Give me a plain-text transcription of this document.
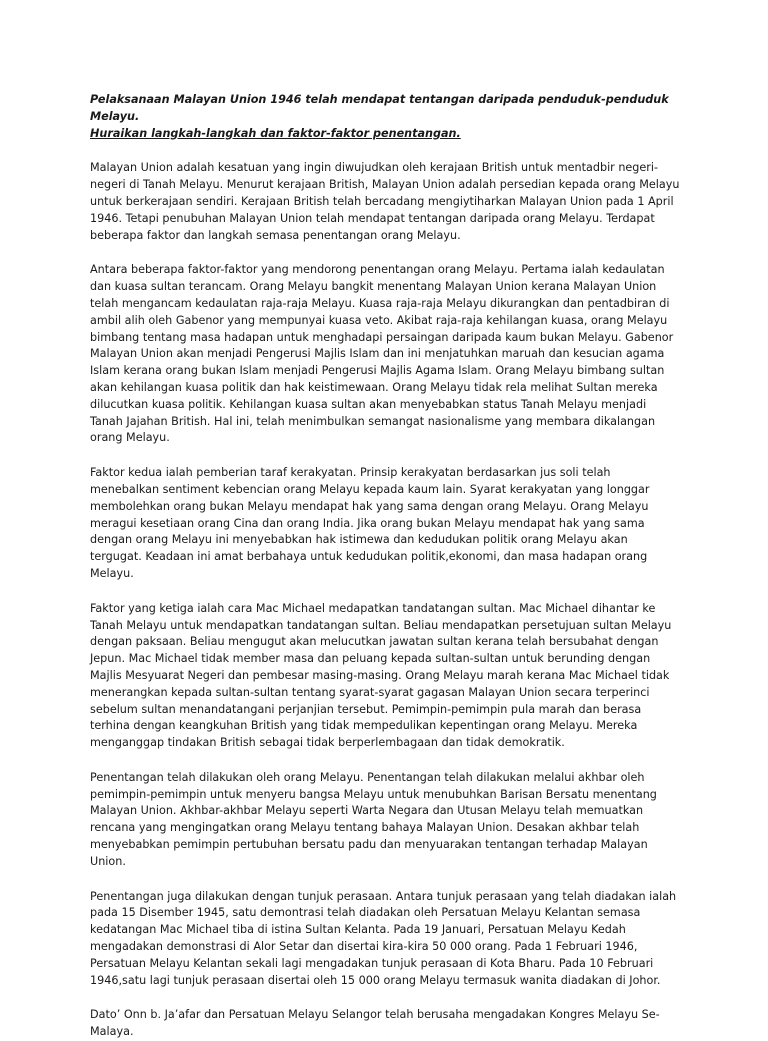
Pelaksanaan Malayan Union 1946 telah mendapat tentangan daripada penduduk-penduduk Melayu.
Huraikan langkah-langkah dan faktor-faktor penentangan.

Malayan Union adalah kesatuan yang ingin diwujudkan oleh kerajaan British untuk mentadbir negeri-negeri di Tanah Melayu. Menurut kerajaan British, Malayan Union adalah persedian kepada orang Melayu untuk berkerajaan sendiri. Kerajaan British telah bercadang mengiytiharkan Malayan Union pada 1 April 1946. Tetapi penubuhan Malayan Union telah mendapat tentangan daripada orang Melayu. Terdapat beberapa faktor dan langkah semasa penentangan orang Melayu.

Antara beberapa faktor-faktor yang mendorong penentangan orang Melayu. Pertama ialah kedaulatan dan kuasa sultan terancam. Orang Melayu bangkit menentang Malayan Union kerana Malayan Union telah mengancam kedaulatan raja-raja Melayu. Kuasa raja-raja Melayu dikurangkan dan pentadbiran di ambil alih oleh Gabenor yang mempunyai kuasa veto. Akibat raja-raja kehilangan kuasa, orang Melayu bimbang tentang masa hadapan untuk menghadapi persaingan daripada kaum bukan Melayu. Gabenor Malayan Union akan menjadi Pengerusi Majlis Islam dan ini menjatuhkan maruah dan kesucian agama Islam kerana orang bukan Islam menjadi Pengerusi Majlis Agama Islam. Orang Melayu bimbang sultan akan kehilangan kuasa politik dan hak keistimewaan. Orang Melayu tidak rela melihat Sultan mereka dilucutkan kuasa politik. Kehilangan kuasa sultan akan menyebabkan status Tanah Melayu menjadi Tanah Jajahan British. Hal ini, telah menimbulkan semangat nasionalisme yang membara dikalangan orang Melayu.

Faktor kedua ialah pemberian taraf kerakyatan. Prinsip kerakyatan berdasarkan jus soli telah menebalkan sentiment kebencian orang Melayu kepada kaum lain. Syarat kerakyatan yang longgar membolehkan orang bukan Melayu mendapat hak yang sama dengan orang Melayu. Orang Melayu meragui kesetiaan orang Cina dan orang India. Jika orang bukan Melayu mendapat hak yang sama dengan orang Melayu ini menyebabkan hak istimewa dan kedudukan politik orang Melayu akan tergugat. Keadaan ini amat berbahaya untuk kedudukan politik,ekonomi, dan masa hadapan orang Melayu.

Faktor yang ketiga ialah cara Mac Michael medapatkan tandatangan sultan. Mac Michael dihantar ke Tanah Melayu untuk mendapatkan tandatangan sultan. Beliau mendapatkan persetujuan sultan Melayu dengan paksaan. Beliau mengugut akan melucutkan jawatan sultan kerana telah bersubahat dengan Jepun. Mac Michael tidak member masa dan peluang kepada sultan-sultan untuk berunding dengan Majlis Mesyuarat Negeri dan pembesar masing-masing. Orang Melayu marah kerana Mac Michael tidak menerangkan kepada sultan-sultan tentang syarat-syarat gagasan Malayan Union secara terperinci sebelum sultan menandatangani perjanjian tersebut. Pemimpin-pemimpin pula marah dan berasa terhina dengan keangkuhan British yang tidak mempedulikan kepentingan orang Melayu. Mereka menganggap tindakan British sebagai tidak berperlembagaan dan tidak demokratik.

Penentangan telah dilakukan oleh orang Melayu. Penentangan telah dilakukan melalui akhbar oleh pemimpin-pemimpin untuk menyeru bangsa Melayu untuk menubuhkan Barisan Bersatu menentang Malayan Union. Akhbar-akhbar Melayu seperti Warta Negara dan Utusan Melayu telah memuatkan rencana yang mengingatkan orang Melayu tentang bahaya Malayan Union. Desakan akhbar telah menyebabkan pemimpin pertubuhan bersatu padu dan menyuarakan tentangan terhadap Malayan Union.

Penentangan juga dilakukan dengan tunjuk perasaan. Antara tunjuk perasaan yang telah diadakan ialah pada 15 Disember 1945, satu demontrasi telah diadakan oleh Persatuan Melayu Kelantan semasa kedatangan Mac Michael tiba di istina Sultan Kelanta. Pada 19 Januari, Persatuan Melayu Kedah mengadakan demonstrasi di Alor Setar dan disertai kira-kira 50 000 orang. Pada 1 Februari 1946, Persatuan Melayu Kelantan sekali lagi mengadakan tunjuk perasaan di Kota Bharu. Pada 10 Februari 1946,satu lagi tunjuk perasaan disertai oleh 15 000 orang Melayu termasuk wanita diadakan di Johor.

Dato’ Onn b. Ja’afar dan Persatuan Melayu Selangor telah berusaha mengadakan Kongres Melayu Se-Malaya.
